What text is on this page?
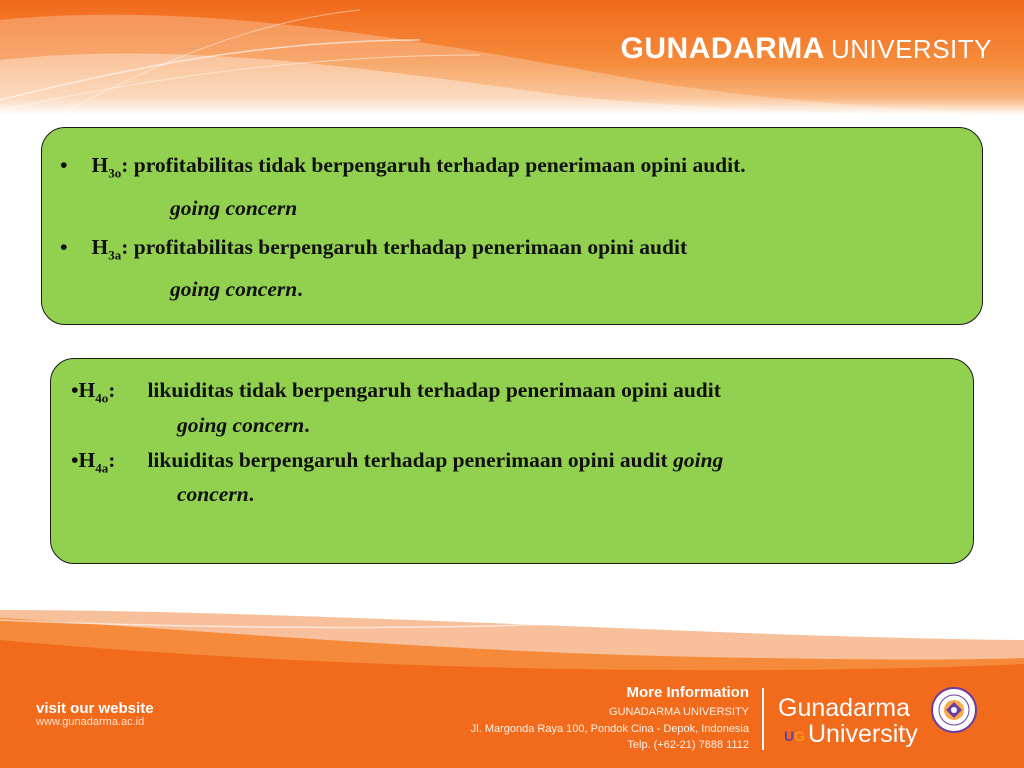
GUNADARMA UNIVERSITY
• $H_{3o}$: profitabilitas tidak berpengaruh terhadap penerimaan opini audit.
going concern
• $H_{3a}$: profitabilitas berpengaruh terhadap penerimaan opini audit
going concern.
$•H_{4o}$: likuiditas tidak berpengaruh terhadap penerimaan opini audit
going concern.
$•H_{4a}$: likuiditas berpengaruh terhadap penerimaan opini audit going
concern.
visit our website
www.gunadarma.ac.id
More Information
GUNADARMA UNIVERSITY
Jl. Margonda Raya 100, Pondok Cina - Depok, Indonesia
Telp. (+62-21) 7888 1112
Gunadarma
University
UG
